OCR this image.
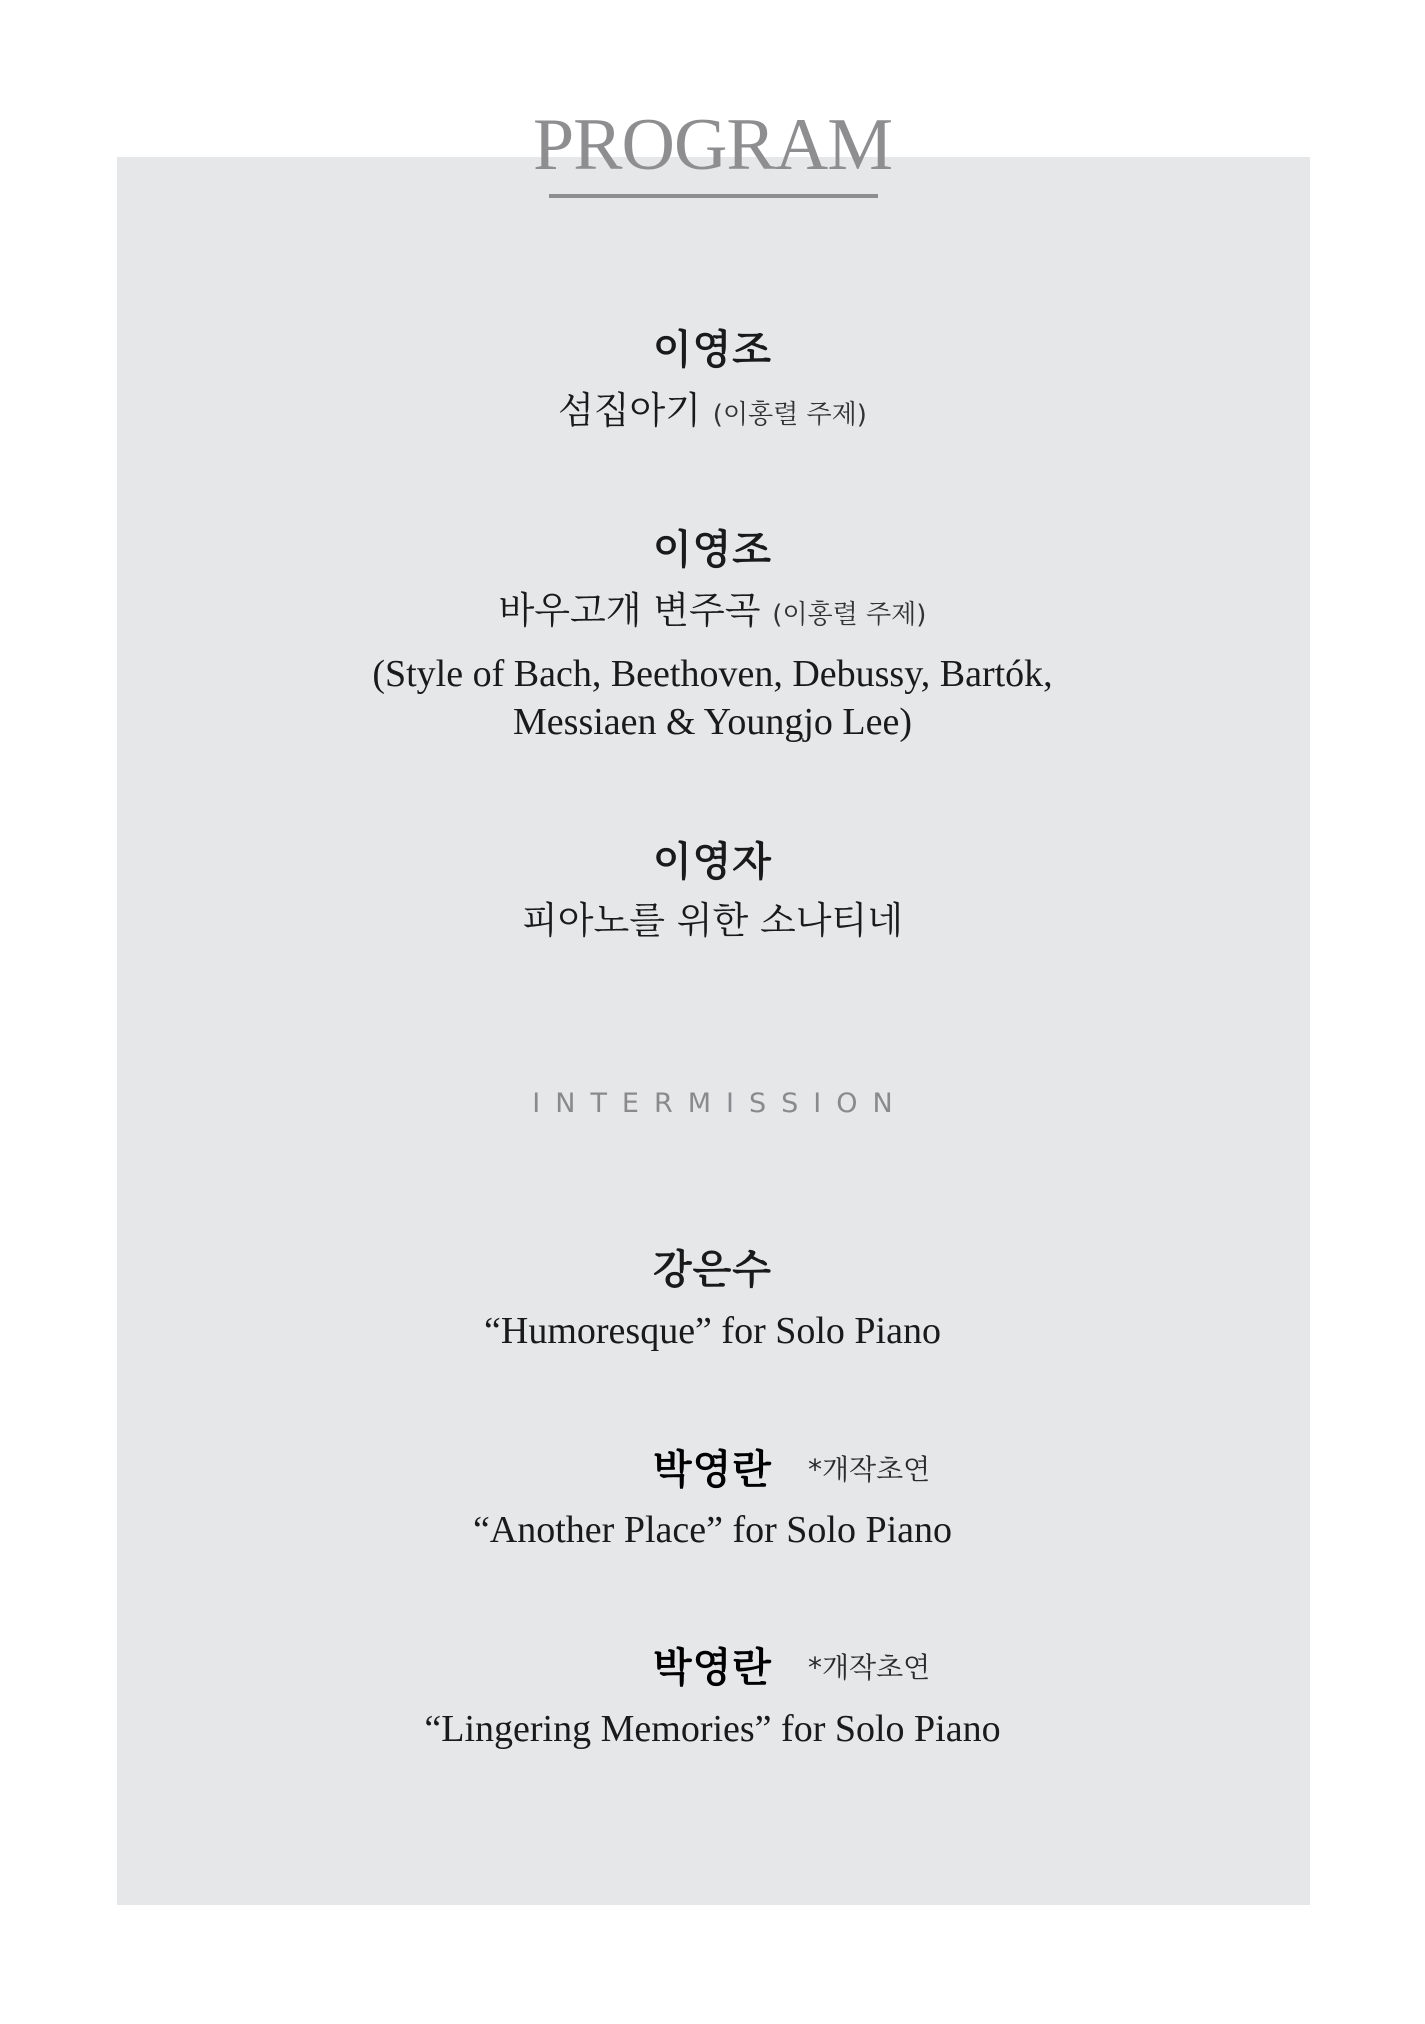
PROGRAM
이영조
섬집아기 (이홍렬 주제)
이영조
바우고개 변주곡 (이홍렬 주제)
(Style of Bach, Beethoven, Debussy, Bartók,
Messiaen & Youngjo Lee)
이영자
피아노를 위한 소나티네
INTERMISSION
강은수
“Humoresque” for Solo Piano
박영란	*개작초연
“Another Place” for Solo Piano
박영란	*개작초연
“Lingering Memories” for Solo Piano
